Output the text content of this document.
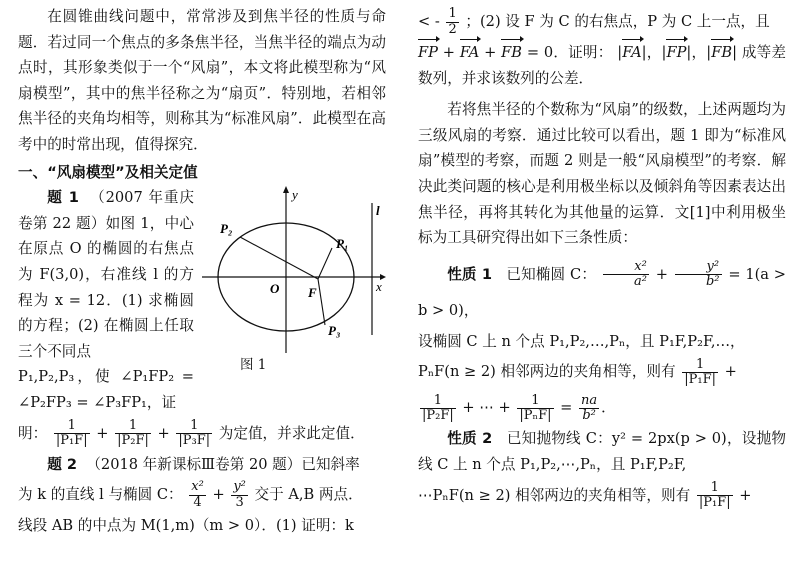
在圆锥曲线问题中，常常涉及到焦半径的性质与命题．若过同一个焦点的多条焦半径，当焦半径的端点为动点时，其形象类似于一个“风扇”，本文将此模型称为“风扇模型”，其中的焦半径称之为“扇页”．特别地，若相邻焦半径的夹角均相等，则称其为“标准风扇”．此模型在高考中的时常出现，值得探究．

一、“风扇模型”及相关定值

P₂
P₁
P₃
O F
y
x
l
图 1

题 1 （2007 年重庆卷第 22 题）如图 1，中心在原点 O 的椭圆的右焦点为 F(3,0)，右准线 l 的方程为 x = 12．(1) 求椭圆的方程；(2) 在椭圆上任取三个不同点

P₁,P₂,P₃，使 ∠P₁FP₂ = ∠P₂FP₃ = ∠P₃FP₁，证

明： $\frac{1}{\text{|P₁F|}} + \frac{1}{\text{|P₂F|}} + \frac{1}{\text{|P₃F|}}$ 为定值，并求此定值．

题 2 （2018 年新课标Ⅲ卷第 20 题）已知斜率

为 k 的直线 l 与椭圆 C： $\frac{\text{x²}}{4} + \frac{\text{y²}}{3}$ 交于 A,B 两点．

线段 AB 的中点为 M(1,m)（m > 0）．(1) 证明：k

< - $\frac{1}{2}$ ；(2) 设 F 为 C 的右焦点，P 为 C 上一点，且

FP + FA + FB = 0．证明： |FA|，|FP|，|FB| 成等差数列，并求该数列的公差．

若将焦半径的个数称为“风扇”的级数，上述两题均为三级风扇的考察．通过比较可以看出，题 1 即为“标准风扇”模型的考察，而题 2 则是一般“风扇模型”的考察．解决此类问题的核心是利用极坐标以及倾斜角等因素表达出焦半径，再将其转化为其他量的运算．文[1]中利用极坐标为工具研究得出如下三条性质：

性质 1 已知椭圆 C： $\frac{\text{x²}}{\text{a²}} + \frac{\text{y²}}{\text{b²}} = 1(a > b > 0)$，

设椭圆 C 上 n 个点 P₁,P₂,…,Pₙ，且 P₁F,P₂F,…，

PₙF(n ≥ 2) 相邻两边的夹角相等，则有 $\frac{1}{\text{|P₁F|}}$ +

$\frac{1}{\text{|P₂F|}}$ + ⋯ + $\frac{1}{\text{|PₙF|}} = \frac{na}{\text{b²}}$ ．

性质 2 已知抛物线 C：y² = 2px(p > 0)，设抛物线 C 上 n 个点 P₁,P₂,⋯,Pₙ，且 P₁F,P₂F,

⋯PₙF(n ≥ 2) 相邻两边的夹角相等，则有 $\frac{1}{\text{|P₁F|}}$ +
